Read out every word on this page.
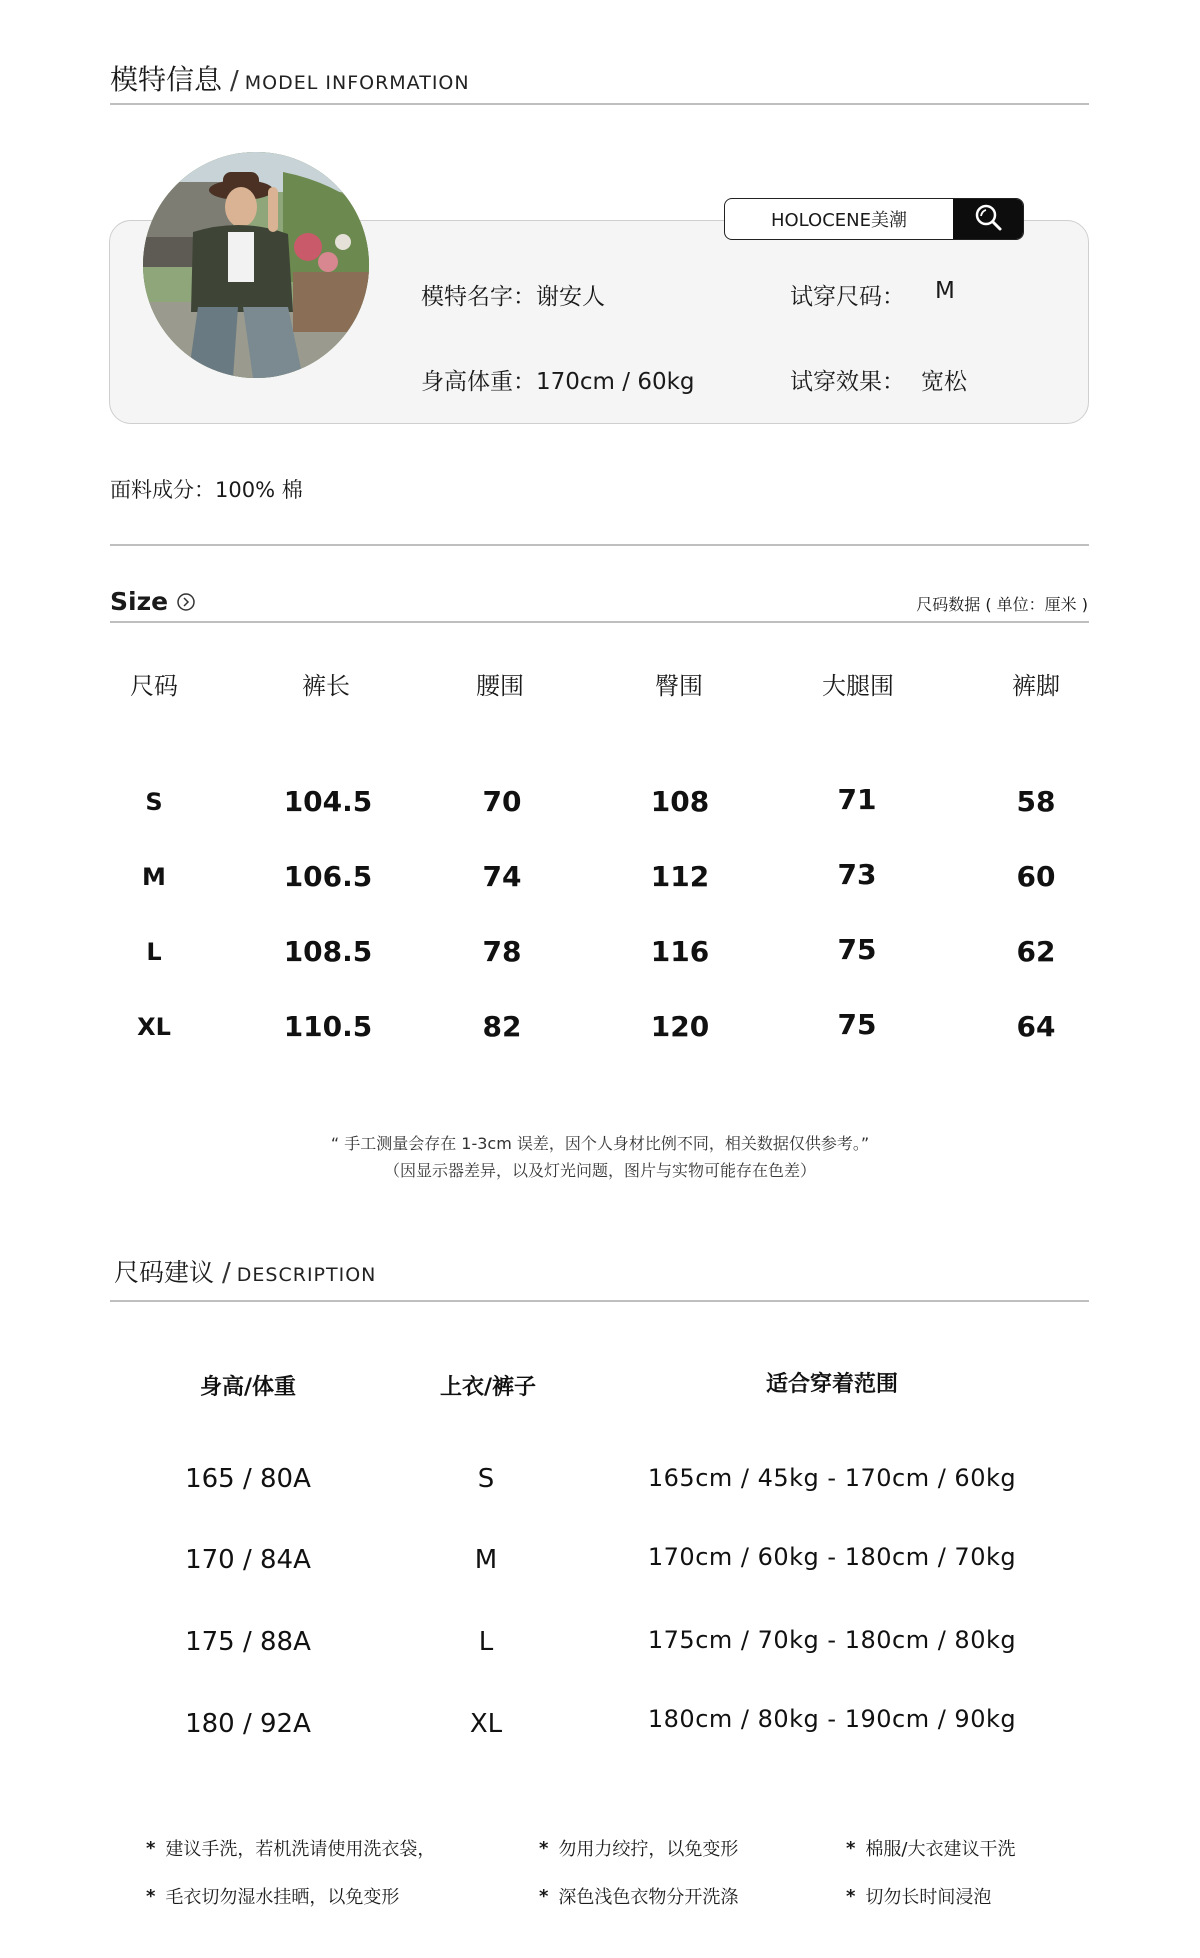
模特信息 / MODEL INFORMATION
HOLOCENE美潮
模特名字：谢安人
身高体重：170cm / 60kg
试穿尺码： M
试穿效果： 宽松
面料成分：100% 棉
Size	尺码数据 ( 单位：厘米 )
尺码	裤长	腰围	臀围	大腿围	裤脚
S	104.5	70	108	71	58
M	106.5	74	112	73	60
L	108.5	78	116	75	62
XL	110.5	82	120	75	64
“ 手工测量会存在 1-3cm 误差，因个人身材比例不同，相关数据仅供参考。”
（因显示器差异，以及灯光问题，图片与实物可能存在色差）
尺码建议 / DESCRIPTION
身高/体重	上衣/裤子	适合穿着范围
165 / 80A	S	165cm / 45kg - 170cm / 60kg
170 / 84A	M	170cm / 60kg - 180cm / 70kg
175 / 88A	L	175cm / 70kg - 180cm / 80kg
180 / 92A	XL	180cm / 80kg - 190cm / 90kg
* 建议手洗，若机洗请使用洗衣袋，	* 勿用力绞拧，以免变形	* 棉服/大衣建议干洗
* 毛衣切勿湿水挂晒，以免变形	* 深色浅色衣物分开洗涤	* 切勿长时间浸泡
